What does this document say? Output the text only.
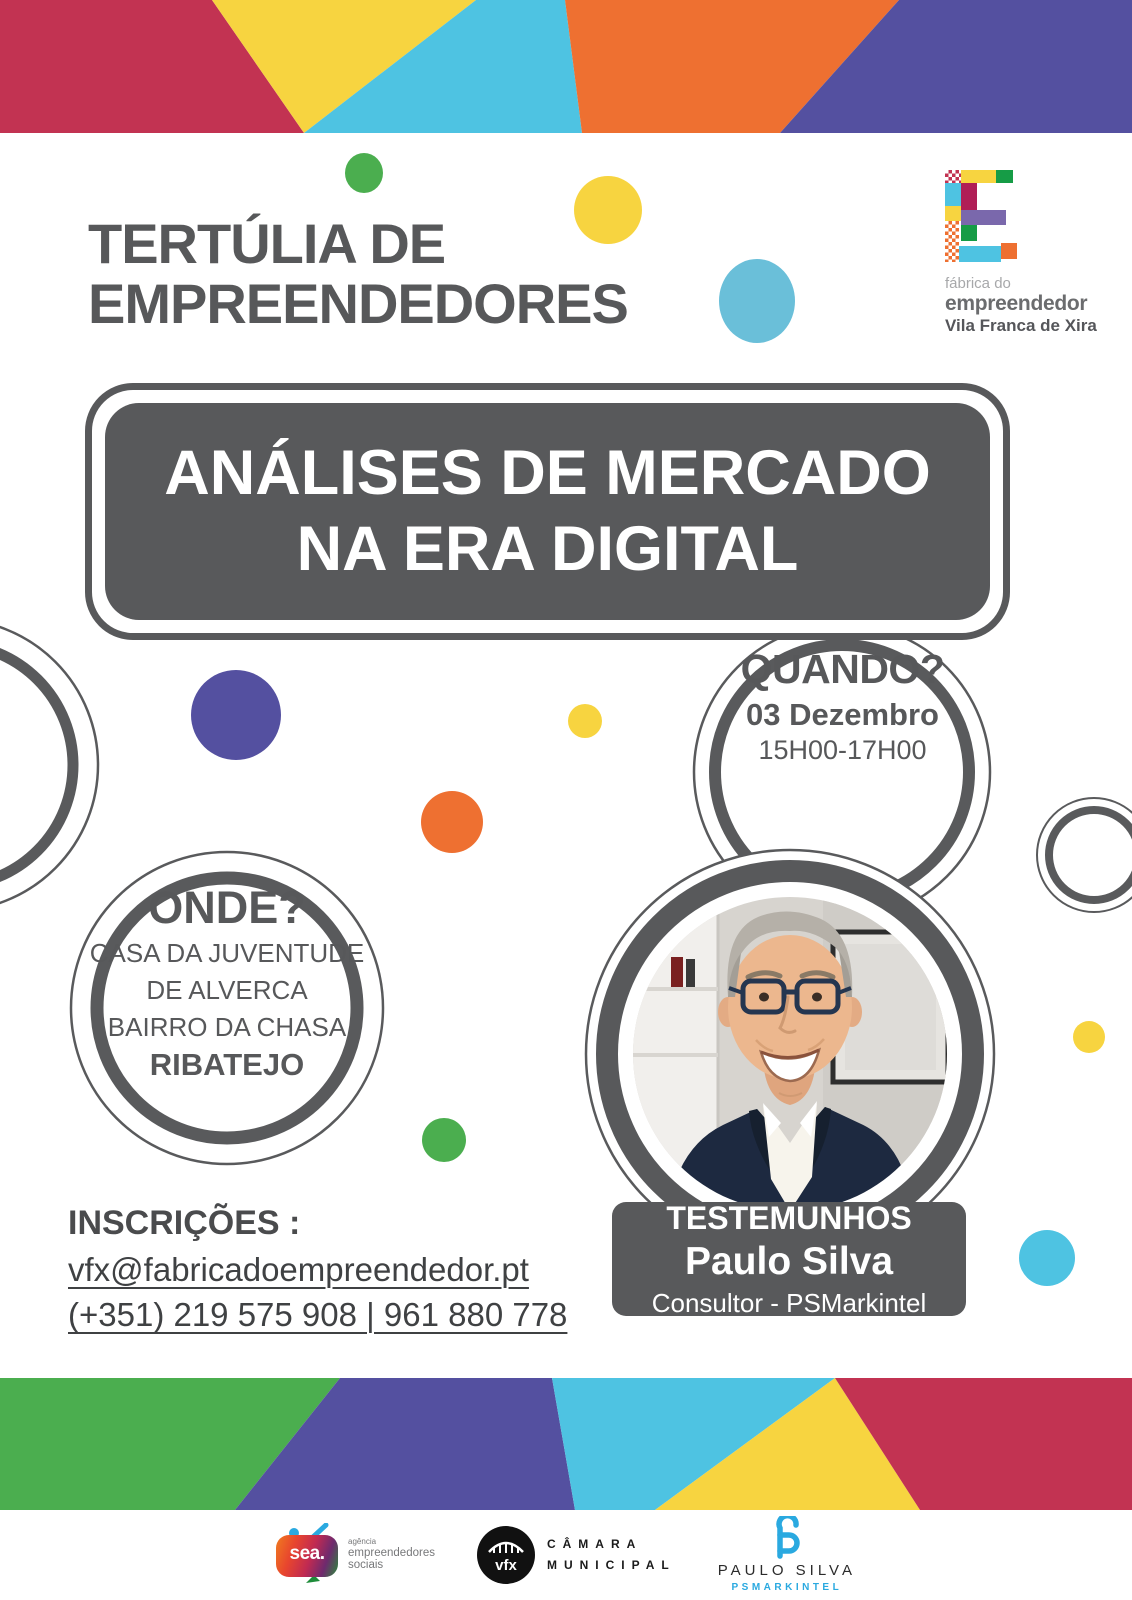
fábrica do
empreendedor
Vila Franca de Xira
TERTÚLIA DE
EMPREENDEDORES
QUANDO?
03 Dezembro
15H00-17H00
ONDE?
CASA DA JUVENTUDE
DE ALVERCA
BAIRRO DA CHASA
RIBATEJO
ANÁLISES DE MERCADO
NA ERA DIGITAL
TESTEMUNHOS
Paulo Silva
Consultor - PSMarkintel
INSCRIÇÕES :
vfx@fabricadoempreendedor.pt
(+351) 219 575 908 | 961 880 778
sea.
agência
empreendedores
sociais	vfx
CÂMARA
MUNICIPAL	PAULO SILVA
PSMARKINTEL
